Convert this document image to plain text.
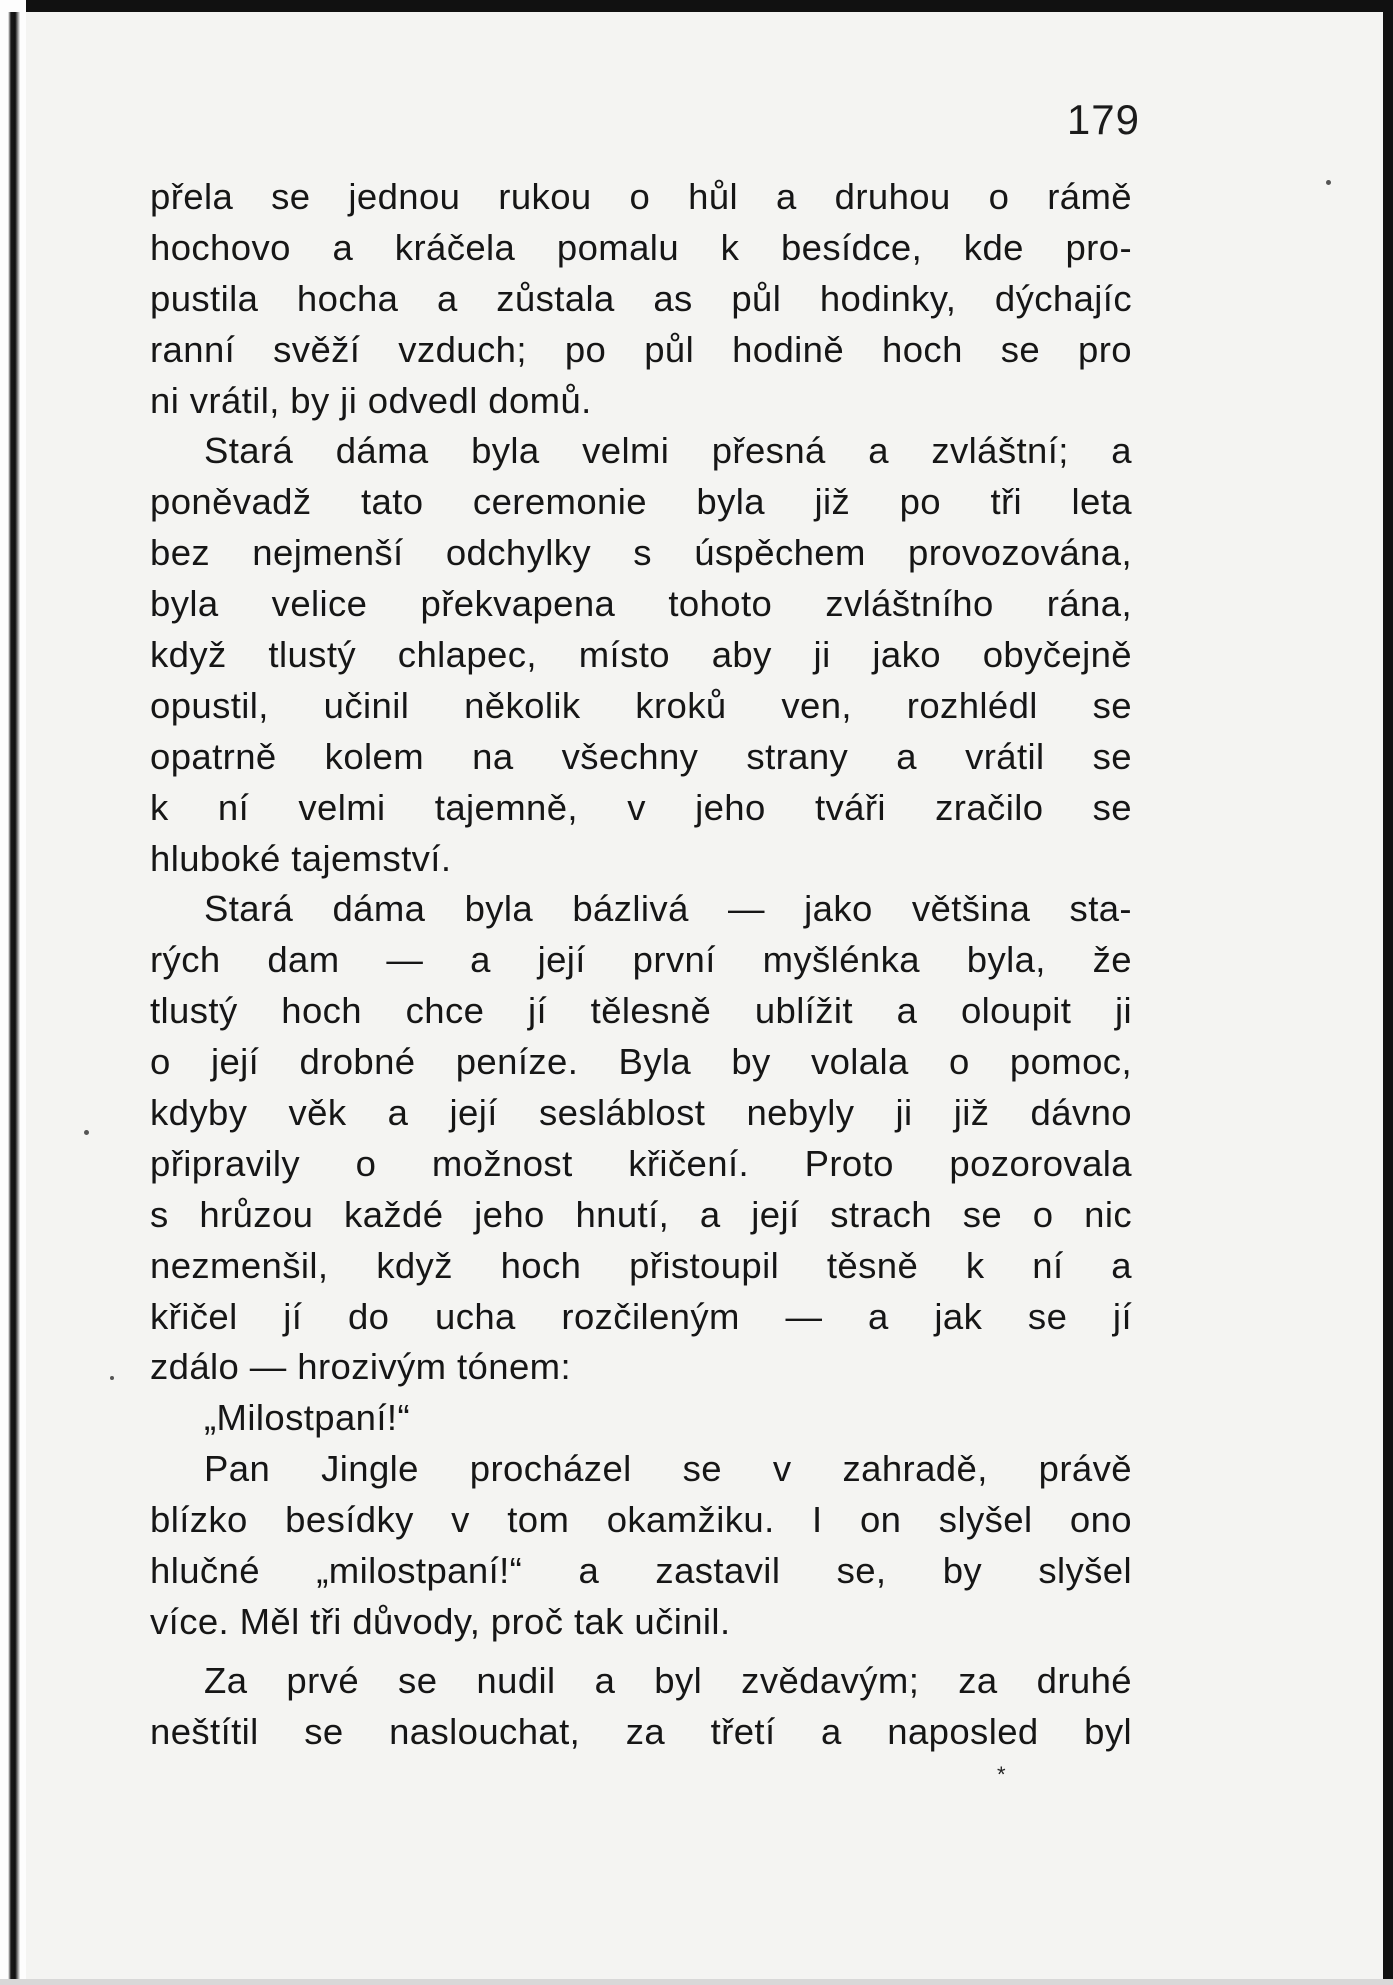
179
přela se jednou rukou o hůl a druhou o rámě
hochovo a kráčela pomalu k besídce, kde pro-
pustila hocha a zůstala as půl hodinky, dýchajíc
ranní svěží vzduch; po půl hodině hoch se pro
ni vrátil, by ji odvedl domů.
Stará dáma byla velmi přesná a zvláštní; a
poněvadž tato ceremonie byla již po tři leta
bez nejmenší odchylky s úspěchem provozována,
byla velice překvapena tohoto zvláštního rána,
když tlustý chlapec, místo aby ji jako obyčejně
opustil, učinil několik kroků ven, rozhlédl se
opatrně kolem na všechny strany a vrátil se
k ní velmi tajemně, v jeho tváři zračilo se
hluboké tajemství.
Stará dáma byla bázlivá — jako většina sta-
rých dam — a její první myšlénka byla, že
tlustý hoch chce jí tělesně ublížit a oloupit ji
o její drobné peníze. Byla by volala o pomoc,
kdyby věk a její sesláblost nebyly ji již dávno
připravily o možnost křičení. Proto pozorovala
s hrůzou každé jeho hnutí, a její strach se o nic
nezmenšil, když hoch přistoupil těsně k ní a
křičel jí do ucha rozčileným — a jak se jí
zdálo — hrozivým tónem:
„Milostpaní!“
Pan Jingle procházel se v zahradě, právě
blízko besídky v tom okamžiku. I on slyšel ono
hlučné „milostpaní!“ a zastavil se, by slyšel
více. Měl tři důvody, proč tak učinil.
Za prvé se nudil a byl zvědavým; za druhé
neštítil se naslouchat, za třetí a naposled byl
*
